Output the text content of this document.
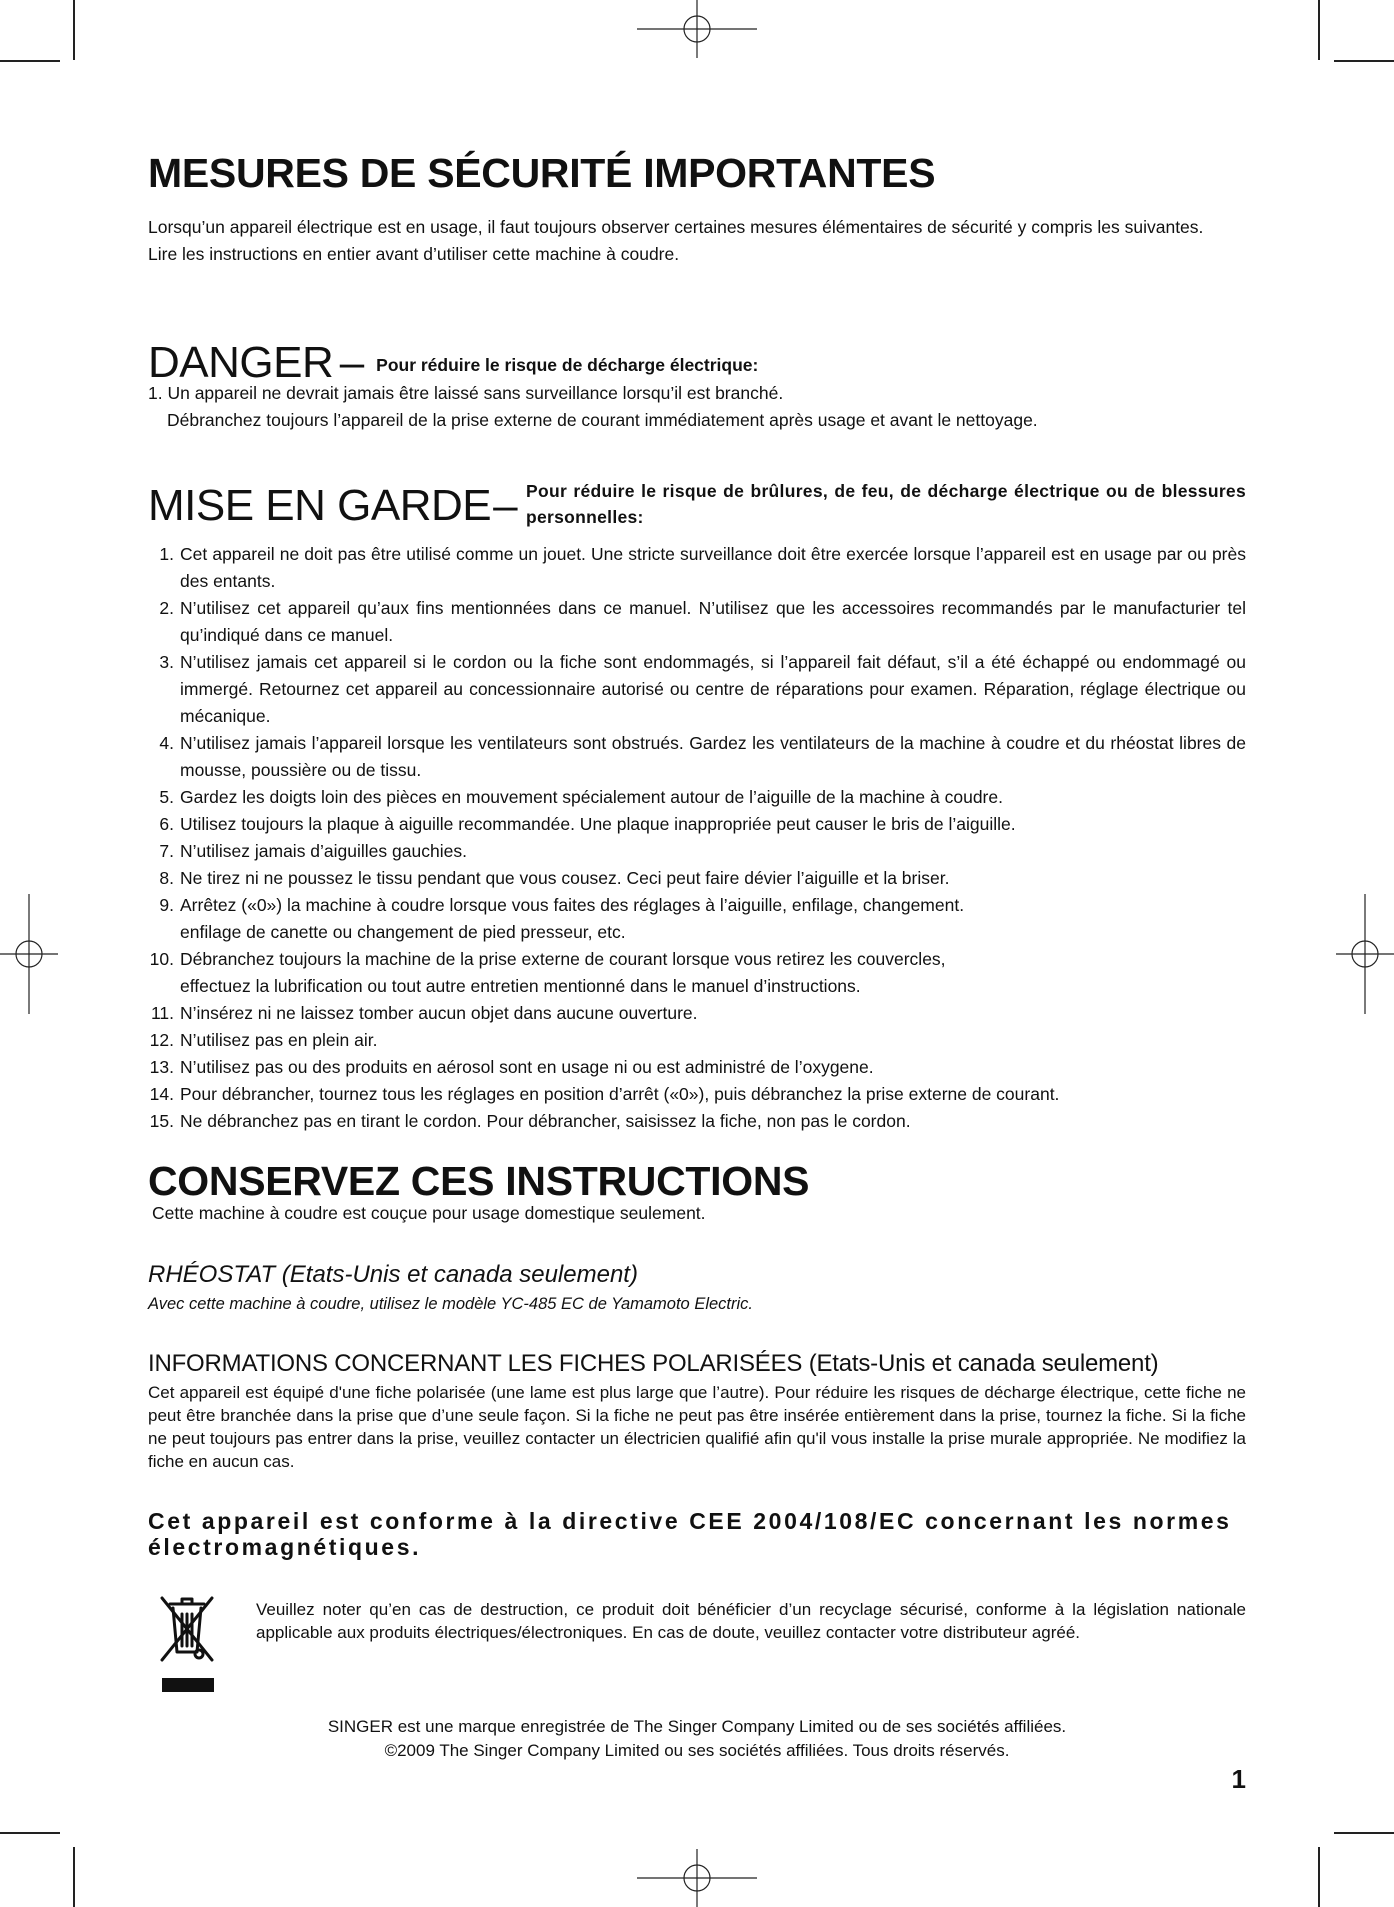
MESURES DE SÉCURITÉ IMPORTANTES

Lorsqu’un appareil électrique est en usage, il faut toujours observer certaines mesures élémentaires de sécurité y compris les suivantes.

Lire les instructions en entier avant d’utiliser cette machine à coudre.

DANGER – Pour réduire le risque de décharge électrique:

1. Un appareil ne devrait jamais être laissé sans surveillance lorsqu’il est branché.

Débranchez toujours l’appareil de la prise externe de courant immédiatement après usage et avant le nettoyage.

MISE EN GARDE– Pour réduire le risque de brûlures, de feu, de décharge électrique ou de blessures personnelles:
1. Cet appareil ne doit pas être utilisé comme un jouet. Une stricte surveillance doit être exercée lorsque l’appareil est en usage par ou près des entants.
2. N’utilisez cet appareil qu’aux fins mentionnées dans ce manuel. N’utilisez que les accessoires recommandés par le manufacturier tel qu’indiqué dans ce manuel.
3. N’utilisez jamais cet appareil si le cordon ou la fiche sont endommagés, si l’appareil fait défaut, s’il a été échappé ou endommagé ou immergé. Retournez cet appareil au concessionnaire autorisé ou centre de réparations pour examen. Réparation, réglage électrique ou mécanique.
4. N’utilisez jamais l’appareil lorsque les ventilateurs sont obstrués. Gardez les ventilateurs de la machine à coudre et du rhéostat libres de mousse, poussière ou de tissu.
5. Gardez les doigts loin des pièces en mouvement spécialement autour de l’aiguille de la machine à coudre.
6. Utilisez toujours la plaque à aiguille recommandée. Une plaque inappropriée peut causer le bris de l’aiguille.
7. N’utilisez jamais d’aiguilles gauchies.
8. Ne tirez ni ne poussez le tissu pendant que vous cousez. Ceci peut faire dévier l’aiguille et la briser.
9. Arrêtez («0») la machine à coudre lorsque vous faites des réglages à l’aiguille, enfilage, changement.
enfilage de canette ou changement de pied presseur, etc.
10. Débranchez toujours la machine de la prise externe de courant lorsque vous retirez les couvercles,
effectuez la lubrification ou tout autre entretien mentionné dans le manuel d’instructions.
11. N’insérez ni ne laissez tomber aucun objet dans aucune ouverture.
12. N’utilisez pas en plein air.
13. N’utilisez pas ou des produits en aérosol sont en usage ni ou est administré de l’oxygene.
14. Pour débrancher, tournez tous les réglages en position d’arrêt («0»), puis débranchez la prise externe de courant.
15. Ne débranchez pas en tirant le cordon. Pour débrancher, saisissez la fiche, non pas le cordon.
CONSERVEZ CES INSTRUCTIONS
Cette machine à coudre est couçue pour usage domestique seulement.
RHÉOSTAT (Etats-Unis et canada seulement)
Avec cette machine à coudre, utilisez le modèle YC-485 EC de Yamamoto Electric.
INFORMATIONS CONCERNANT LES FICHES POLARISÉES (Etats-Unis et canada seulement)
Cet appareil est équipé d'une fiche polarisée (une lame est plus large que l’autre). Pour réduire les risques de décharge électrique, cette fiche ne peut être branchée dans la prise que d’une seule façon. Si la fiche ne peut pas être insérée entièrement dans la prise, tournez la fiche. Si la fiche ne peut toujours pas entrer dans la prise, veuillez contacter un électricien qualifié afin qu'il vous installe la prise murale appropriée. Ne modifiez la fiche en aucun cas.
Cet appareil est conforme à la directive CEE 2004/108/EC concernant les normes électromagnétiques.
Veuillez noter qu’en cas de destruction, ce produit doit bénéficier d’un recyclage sécurisé, conforme à la législation nationale applicable aux produits électriques/électroniques. En cas de doute, veuillez contacter votre distributeur agréé.

SINGER est une marque enregistrée de The Singer Company Limited ou de ses sociétés affiliées.

©2009 The Singer Company Limited ou ses sociétés affiliées. Tous droits réservés.

1
